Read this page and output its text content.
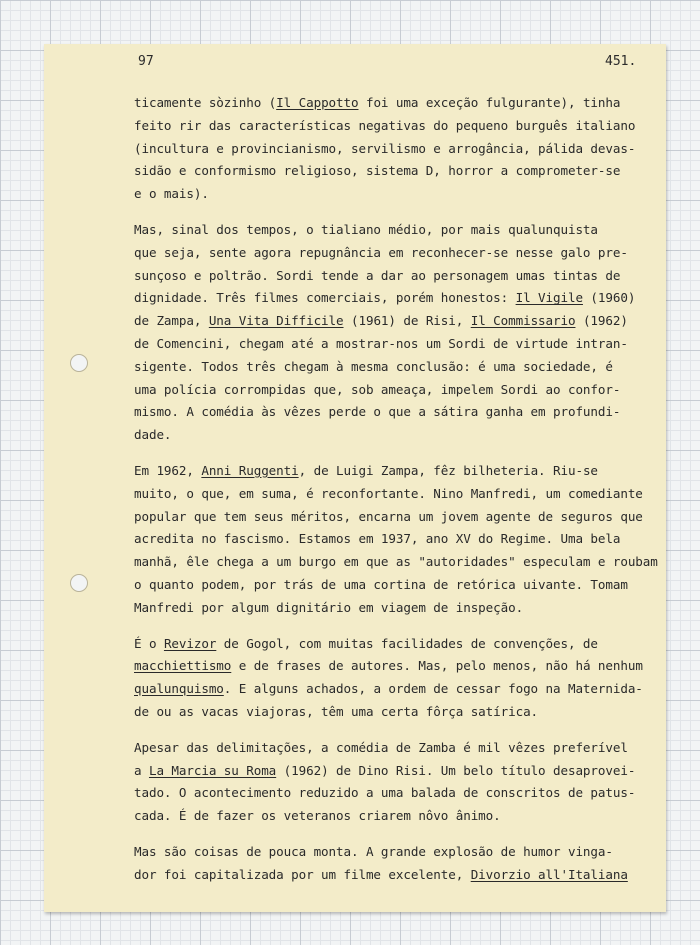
97	451.
ticamente sòzinho (Il Cappotto foi uma exceção fulgurante), tinha
feito rir das características negativas do pequeno burguês italiano
(incultura e provincianismo, servilismo e arrogância, pálida devas-
sidão e conformismo religioso, sistema D, horror a comprometer-se
e o mais).
Mas, sinal dos tempos, o tialiano médio, por mais qualunquista
que seja, sente agora repugnância em reconhecer-se nesse galo pre-
sunçoso e poltrão. Sordi tende a dar ao personagem umas tintas de
dignidade. Três filmes comerciais, porém honestos: Il Vigile (1960)
de Zampa, Una Vita Difficile (1961) de Risi, Il Commissario (1962)
de Comencini, chegam até a mostrar-nos um Sordi de virtude intran-
sigente. Todos três chegam à mesma conclusão: é uma sociedade, é
uma polícia corrompidas que, sob ameaça, impelem Sordi ao confor-
mismo. A comédia às vêzes perde o que a sátira ganha em profundi-
dade.
Em 1962, Anni Ruggenti, de Luigi Zampa, fêz bilheteria. Riu-se
muito, o que, em suma, é reconfortante. Nino Manfredi, um comediante
popular que tem seus méritos, encarna um jovem agente de seguros que
acredita no fascismo. Estamos em 1937, ano XV do Regime. Uma bela
manhã, êle chega a um burgo em que as "autoridades" especulam e roubam
o quanto podem, por trás de uma cortina de retórica uivante. Tomam
Manfredi por algum dignitário em viagem de inspeção.
É o Revizor de Gogol, com muitas facilidades de convenções, de
macchiettismo e de frases de autores. Mas, pelo menos, não há nenhum
qualunquismo. E alguns achados, a ordem de cessar fogo na Maternida-
de ou as vacas viajoras, têm uma certa fôrça satírica.
Apesar das delimitações, a comédia de Zamba é mil vêzes preferível
a La Marcia su Roma (1962) de Dino Risi. Um belo título desaprovei-
tado. O acontecimento reduzido a uma balada de conscritos de patus-
cada. É de fazer os veteranos criarem nôvo ânimo.
Mas são coisas de pouca monta. A grande explosão de humor vinga-
dor foi capitalizada por um filme excelente, Divorzio all'Italiana
